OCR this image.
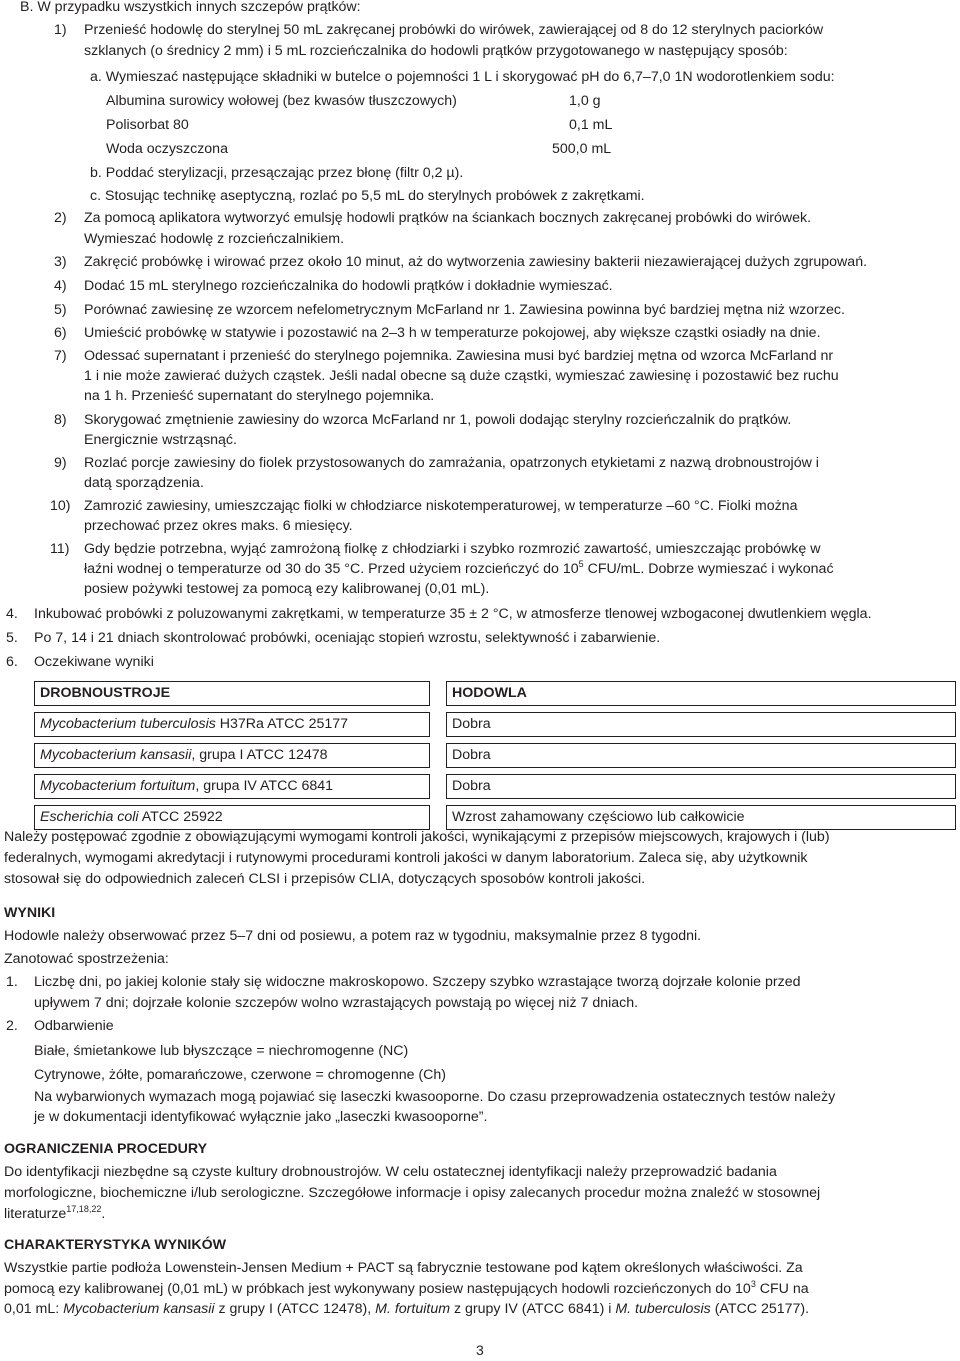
B. W przypadku wszystkich innych szczepów prątków:
1) Przenieść hodowlę do sterylnej 50 mL zakręcanej probówki do wirówek, zawierającej od 8 do 12 sterylnych paciorków
szklanych (o średnicy 2 mm) i 5 mL rozcieńczalnika do hodowli prątków przygotowanego w następujący sposób:
a. Wymieszać następujące składniki w butelce o pojemności 1 L i skorygować pH do 6,7–7,0 1N wodorotlenkiem sodu:
Albumina surowicy wołowej (bez kwasów tłuszczowych)	1,0 g
Polisorbat 80	0,1 mL
Woda oczyszczona	500,0 mL
b. Poddać sterylizacji, przesączając przez błonę (filtr 0,2 µ).
c. Stosując technikę aseptyczną, rozlać po 5,5 mL do sterylnych probówek z zakrętkami.
2) Za pomocą aplikatora wytworzyć emulsję hodowli prątków na ściankach bocznych zakręcanej probówki do wirówek.
Wymieszać hodowlę z rozcieńczalnikiem.
3) Zakręcić probówkę i wirować przez około 10 minut, aż do wytworzenia zawiesiny bakterii niezawierającej dużych zgrupowań.
4) Dodać 15 mL sterylnego rozcieńczalnika do hodowli prątków i dokładnie wymieszać.
5) Porównać zawiesinę ze wzorcem nefelometrycznym McFarland nr 1. Zawiesina powinna być bardziej mętna niż wzorzec.
6) Umieścić probówkę w statywie i pozostawić na 2–3 h w temperaturze pokojowej, aby większe cząstki osiadły na dnie.
7) Odessać supernatant i przenieść do sterylnego pojemnika. Zawiesina musi być bardziej mętna od wzorca McFarland nr
1 i nie może zawierać dużych cząstek. Jeśli nadal obecne są duże cząstki, wymieszać zawiesinę i pozostawić bez ruchu
na 1 h. Przenieść supernatant do sterylnego pojemnika.
8) Skorygować zmętnienie zawiesiny do wzorca McFarland nr 1, powoli dodając sterylny rozcieńczalnik do prątków.
Energicznie wstrząsnąć.
9) Rozlać porcje zawiesiny do fiolek przystosowanych do zamrażania, opatrzonych etykietami z nazwą drobnoustrojów i
datą sporządzenia.
10) Zamrozić zawiesiny, umieszczając fiolki w chłodziarce niskotemperaturowej, w temperaturze –60 °C. Fiolki można
przechować przez okres maks. 6 miesięcy.
11) Gdy będzie potrzebna, wyjąć zamrożoną fiolkę z chłodziarki i szybko rozmrozić zawartość, umieszczając probówkę w
łaźni wodnej o temperaturze od 30 do 35 °C. Przed użyciem rozcieńczyć do $10^5$ CFU/mL. Dobrze wymieszać i wykonać
posiew pożywki testowej za pomocą ezy kalibrowanej (0,01 mL).
4. Inkubować probówki z poluzowanymi zakrętkami, w temperaturze 35 ± 2 °C, w atmosferze tlenowej wzbogaconej dwutlenkiem węgla.
5. Po 7, 14 i 21 dniach skontrolować probówki, oceniając stopień wzrostu, selektywność i zabarwienie.
6. Oczekiwane wyniki
DROBNOUSTROJE		HODOWLA
Mycobacterium tuberculosis H37Ra ATCC 25177		Dobra
Mycobacterium kansasii, grupa I ATCC 12478		Dobra
Mycobacterium fortuitum, grupa IV ATCC 6841		Dobra
Escherichia coli ATCC 25922		Wzrost zahamowany częściowo lub całkowicie
Należy postępować zgodnie z obowiązującymi wymogami kontroli jakości, wynikającymi z przepisów miejscowych, krajowych i (lub)
federalnych, wymogami akredytacji i rutynowymi procedurami kontroli jakości w danym laboratorium. Zaleca się, aby użytkownik
stosował się do odpowiednich zaleceń CLSI i przepisów CLIA, dotyczących sposobów kontroli jakości.
WYNIKI
Hodowle należy obserwować przez 5–7 dni od posiewu, a potem raz w tygodniu, maksymalnie przez 8 tygodni.
Zanotować spostrzeżenia:
1. Liczbę dni, po jakiej kolonie stały się widoczne makroskopowo. Szczepy szybko wzrastające tworzą dojrzałe kolonie przed
upływem 7 dni; dojrzałe kolonie szczepów wolno wzrastających powstają po więcej niż 7 dniach.
2. Odbarwienie
Białe, śmietankowe lub błyszczące = niechromogenne (NC)
Cytrynowe, żółte, pomarańczowe, czerwone = chromogenne (Ch)
Na wybarwionych wymazach mogą pojawiać się laseczki kwasooporne. Do czasu przeprowadzenia ostatecznych testów należy
je w dokumentacji identyfikować wyłącznie jako „laseczki kwasooporne”.
OGRANICZENIA PROCEDURY
Do identyfikacji niezbędne są czyste kultury drobnoustrojów. W celu ostatecznej identyfikacji należy przeprowadzić badania
morfologiczne, biochemiczne i/lub serologiczne. Szczegółowe informacje i opisy zalecanych procedur można znaleźć w stosownej
literaturze$^{17,18,22}$.
CHARAKTERYSTYKA WYNIKÓW
Wszystkie partie podłoża Lowenstein-Jensen Medium + PACT są fabrycznie testowane pod kątem określonych właściwości. Za
pomocą ezy kalibrowanej (0,01 mL) w próbkach jest wykonywany posiew następujących hodowli rozcieńczonych do $10^3$ CFU na
0,01 mL: Mycobacterium kansasii z grupy I (ATCC 12478), M. fortuitum z grupy IV (ATCC 6841) i M. tuberculosis (ATCC 25177).
3
